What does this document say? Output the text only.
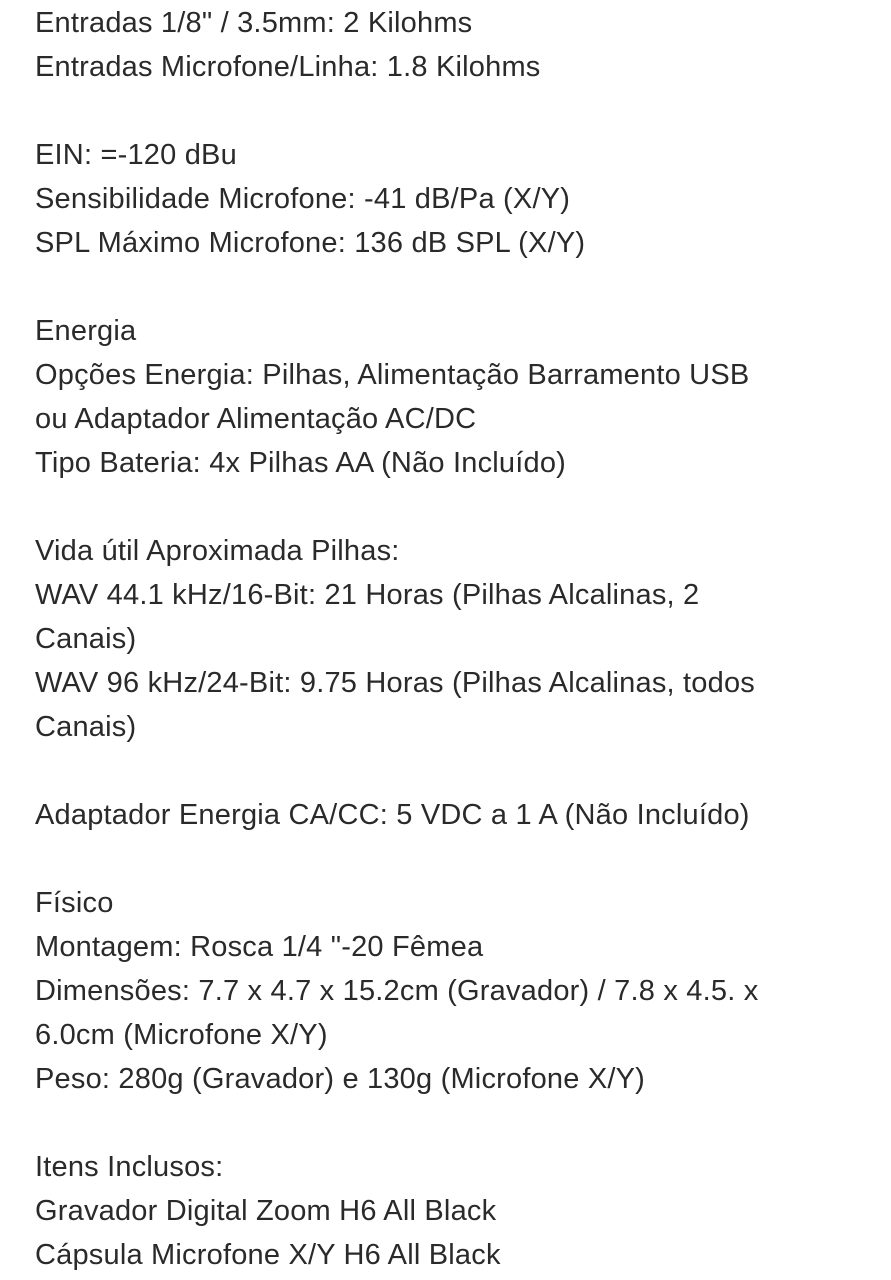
Entradas 1/8" / 3.5mm: 2 Kilohms
Entradas Microfone/Linha: 1.8 Kilohms
EIN: =-120 dBu
Sensibilidade Microfone: -41 dB/Pa (X/Y)
SPL Máximo Microfone: 136 dB SPL (X/Y)
Energia
Opções Energia: Pilhas, Alimentação Barramento USB
ou Adaptador Alimentação AC/DC
Tipo Bateria: 4x Pilhas AA (Não Incluído)
Vida útil Aproximada Pilhas:
WAV 44.1 kHz/16-Bit: 21 Horas (Pilhas Alcalinas, 2
Canais)
WAV 96 kHz/24-Bit: 9.75 Horas (Pilhas Alcalinas, todos
Canais)
Adaptador Energia CA/CC: 5 VDC a 1 A (Não Incluído)
Físico
Montagem: Rosca 1/4 "-20 Fêmea
Dimensões: 7.7 x 4.7 x 15.2cm (Gravador) / 7.8 x 4.5. x
6.0cm (Microfone X/Y)
Peso: 280g (Gravador) e 130g (Microfone X/Y)
Itens Inclusos:
Gravador Digital Zoom H6 All Black
Cápsula Microfone X/Y H6 All Black
